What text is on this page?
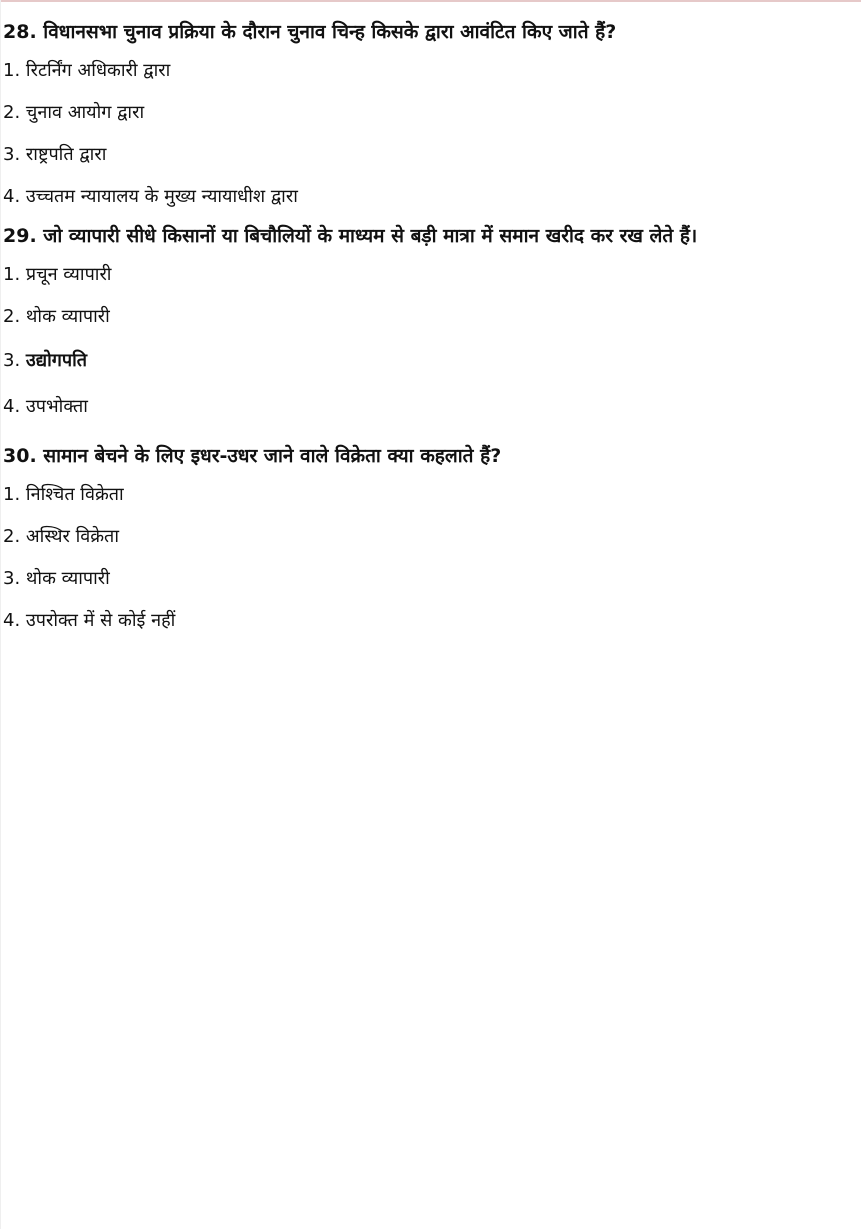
28. विधानसभा चुनाव प्रक्रिया के दौरान चुनाव चिन्ह किसके द्वारा आवंटित किए जाते हैं?

1. रिटर्निंग अधिकारी द्वारा
2. चुनाव आयोग द्वारा
3. राष्ट्रपति द्वारा
4. उच्चतम न्यायालय के मुख्य न्यायाधीश द्वारा

29. जो व्यापारी सीधे किसानों या बिचौलियों के माध्यम से बड़ी मात्रा में समान खरीद कर रख लेते हैं।

1. प्रचून व्यापारी
2. थोक व्यापारी
3. उद्योगपति
4. उपभोक्ता

30. सामान बेचने के लिए इधर-उधर जाने वाले विक्रेता क्या कहलाते हैं?

1. निश्चित विक्रेता
2. अस्थिर विक्रेता
3. थोक व्यापारी
4. उपरोक्त में से कोई नहीं
